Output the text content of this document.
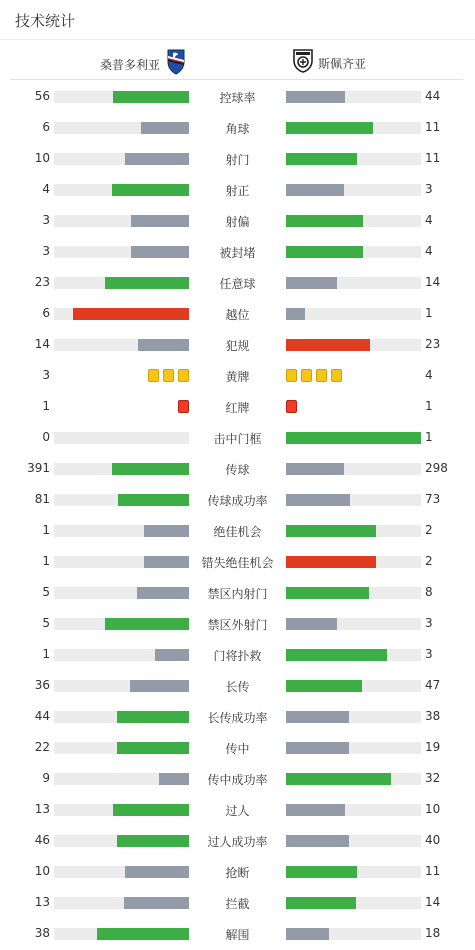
技术统计
桑普多利亚	斯佩齐亚
56	控球率	44
6	角球	11
10	射门	11
4	射正	3
3	射偏	4
3	被封堵	4
23	任意球	14
6	越位	1
14	犯规	23
3	黄牌	4
1	红牌	1
0	击中门框	1
391	传球	298
81	传球成功率	73
1	绝佳机会	2
1	错失绝佳机会	2
5	禁区内射门	8
5	禁区外射门	3
1	门将扑救	3
36	长传	47
44	长传成功率	38
22	传中	19
9	传中成功率	32
13	过人	10
46	过人成功率	40
10	抢断	11
13	拦截	14
38	解围	18
